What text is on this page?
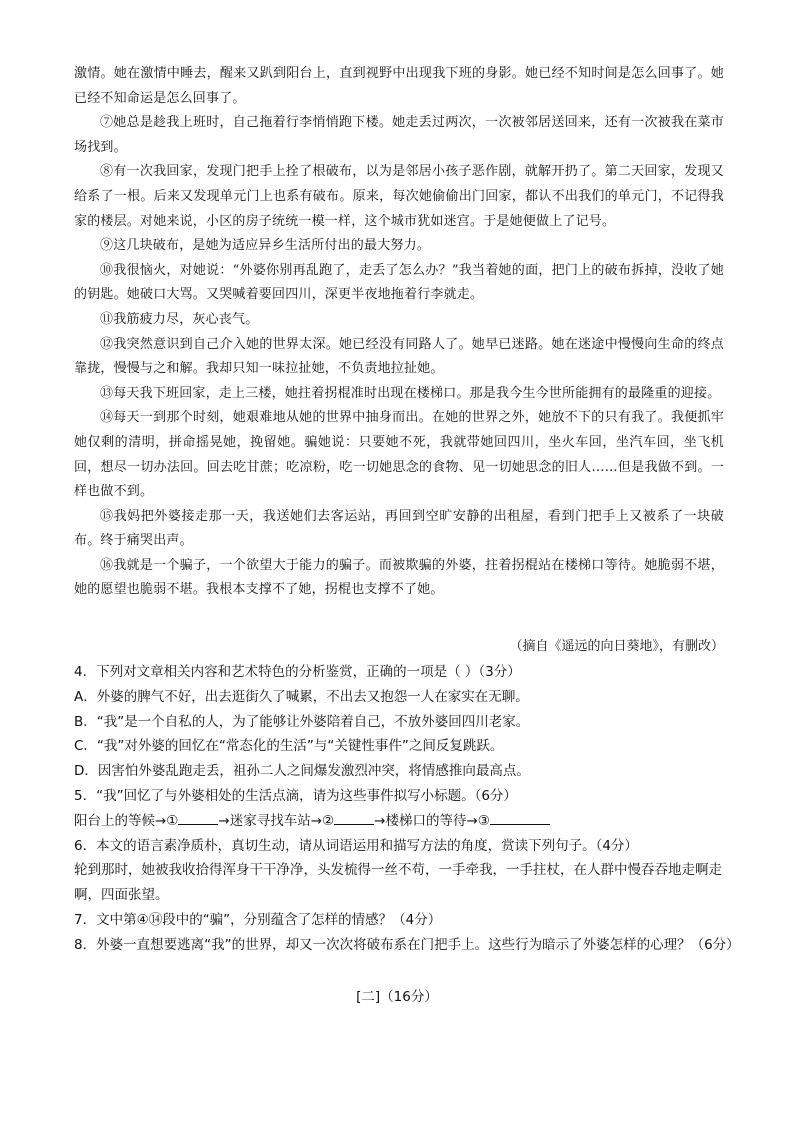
激情。她在激情中睡去，醒来又趴到阳台上，直到视野中出现我下班的身影。她已经不知时间是怎么回事了。她已经不知命运是怎么回事了。

⑦她总是趁我上班时，自己拖着行李悄悄跑下楼。她走丢过两次，一次被邻居送回来，还有一次被我在菜市场找到。

⑧有一次我回家，发现门把手上拴了根破布，以为是邻居小孩子恶作剧，就解开扔了。第二天回家，发现又给系了一根。后来又发现单元门上也系有破布。原来，每次她偷偷出门回家，都认不出我们的单元门，不记得我家的楼层。对她来说，小区的房子统统一模一样，这个城市犹如迷宫。于是她便做上了记号。

⑨这几块破布，是她为适应异乡生活所付出的最大努力。

⑩我很恼火，对她说：“外婆你别再乱跑了，走丢了怎么办？”我当着她的面，把门上的破布拆掉，没收了她的钥匙。她破口大骂。又哭喊着要回四川，深更半夜地拖着行李就走。

⑪我筋疲力尽，灰心丧气。

⑫我突然意识到自己介入她的世界太深。她已经没有同路人了。她早已迷路。她在迷途中慢慢向生命的终点靠拢，慢慢与之和解。我却只知一味拉扯她，不负责地拉扯她。

⑬每天我下班回家，走上三楼，她拄着拐棍准时出现在楼梯口。那是我今生今世所能拥有的最隆重的迎接。

⑭每天一到那个时刻，她艰难地从她的世界中抽身而出。在她的世界之外，她放不下的只有我了。我便抓牢她仅剩的清明，拼命摇晃她，挽留她。骗她说：只要她不死，我就带她回四川，坐火车回，坐汽车回，坐飞机回，想尽一切办法回。回去吃甘蔗；吃凉粉，吃一切她思念的食物、见一切她思念的旧人……但是我做不到。一样也做不到。

⑮我妈把外婆接走那一天，我送她们去客运站，再回到空旷安静的出租屋，看到门把手上又被系了一块破布。终于痛哭出声。

⑯我就是一个骗子，一个欲望大于能力的骗子。而被欺骗的外婆，拄着拐棍站在楼梯口等待。她脆弱不堪，她的愿望也脆弱不堪。我根本支撑不了她，拐棍也支撑不了她。

（摘自《遥远的向日葵地》，有删改）

4．下列对文章相关内容和艺术特色的分析鉴赏，正确的一项是（ ）（3分）

A．外婆的脾气不好，出去逛街久了喊累，不出去又抱怨一人在家实在无聊。

B．“我”是一个自私的人，为了能够让外婆陪着自己，不放外婆回四川老家。

C．“我”对外婆的回忆在“常态化的生活”与“关键性事件”之间反复跳跃。

D．因害怕外婆乱跑走丢，祖孙二人之间爆发激烈冲突，将情感推向最高点。

5．“我”回忆了与外婆相处的生活点滴，请为这些事件拟写小标题。（6分）

阳台上的等候→①	→迷家寻找车站→②	→楼梯口的等待→③

6．本文的语言素净质朴，真切生动，请从词语运用和描写方法的角度，赏读下列句子。（4分）

轮到那时，她被我收拾得浑身干干净净，头发梳得一丝不苟，一手牵我，一手拄杖，在人群中慢吞吞地走啊走啊，四面张望。

7．文中第④⑭段中的“骗”，分别蕴含了怎样的情感？（4分）

8．外婆一直想要逃离“我”的世界，却又一次次将破布系在门把手上。这些行为暗示了外婆怎样的心理？（6分）

[二]（16分）
